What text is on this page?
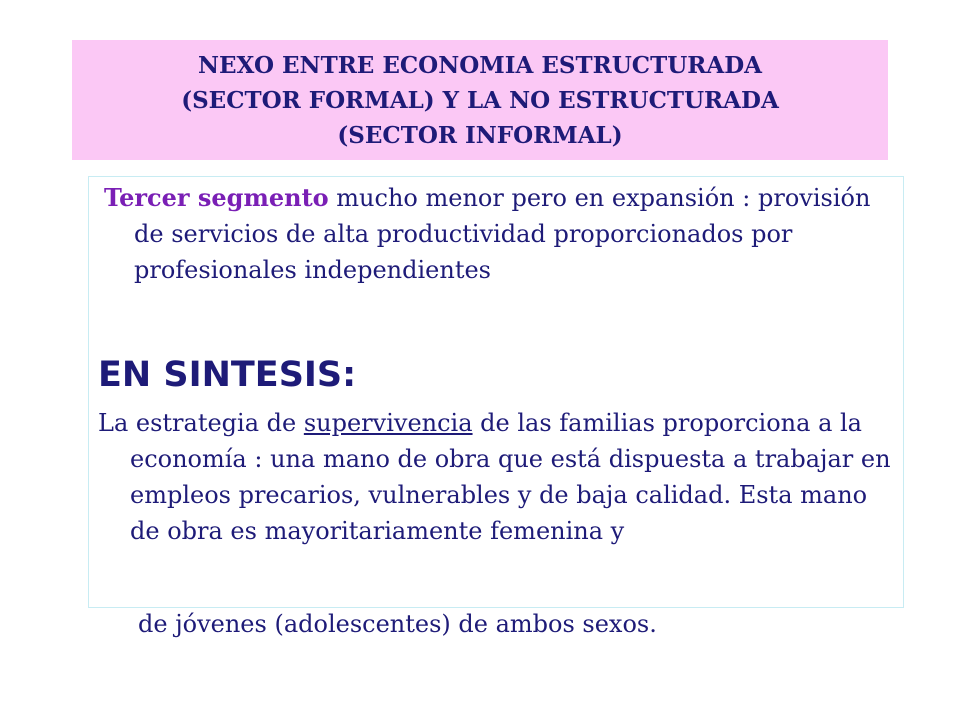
NEXO ENTRE ECONOMIA ESTRUCTURADA
(SECTOR FORMAL) Y LA NO ESTRUCTURADA
(SECTOR INFORMAL)
Tercer segmento mucho menor pero en expansión : provisión de servicios de alta productividad proporcionados por profesionales independientes
EN SINTESIS:
La estrategia de supervivencia de las familias proporciona a la economía : una mano de obra que está dispuesta a trabajar en empleos precarios, vulnerables y de baja calidad. Esta mano de obra es mayoritariamente femenina y
de jóvenes (adolescentes) de ambos sexos.
